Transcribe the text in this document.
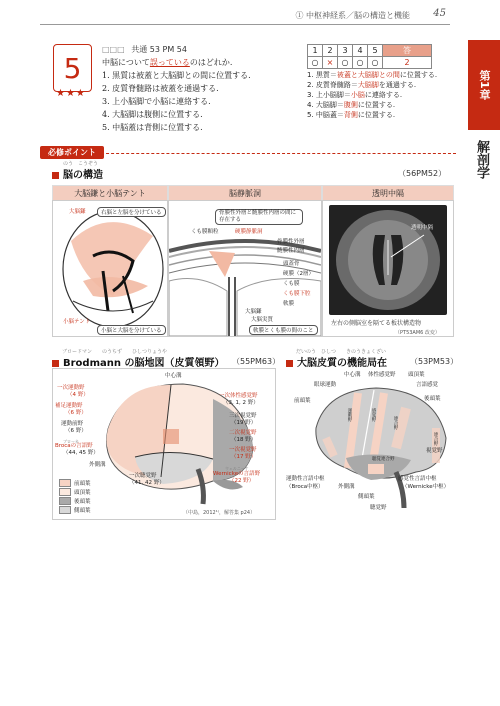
① 中枢神経系／脳の構造と機能 45
第1章
解剖学
5
★★★
□□□ 共通 53 PM 54
中脳について誤っているのはどれか.
1. 黒質は被蓋と大脳脚との間に位置する.
2. 皮質脊髄路は被蓋を通過する.
3. 上小脳脚で小脳に連絡する.
4. 大脳脚は腹側に位置する.
5. 中脳蓋は背側に位置する.
1	2	3	4	5	答
○	×	○	○	○	2
1. 黒質＝被蓋と大脳脚との間に位置する.
2. 皮質脊髄路＝大脳脚を通過する.
3. 上小脳脚＝小脳に連絡する.
4. 大脳脚＝腹側に位置する.
5. 中脳蓋＝背側に位置する.
必修ポイント
のう　こうぞう
脳の構造	（56PM52）
大脳鎌と小脳テント	脳静脈洞	透明中隔
大脳鎌	右脳と左脳を分けている
小脳テント
小脳と大脳を分けている
骨膜性外層と髄膜性内層の間に存在する
くも膜顆粒	硬膜静脈洞
骨膜性外層
髄膜性内層
頭蓋骨
硬膜（2層）
くも膜
くも膜下腔
軟膜
大脳鎌
大脳実質
軟膜とくも膜の間のこと
透明中隔
左右の側脳室を隔てる板状構造物
（PT53AM6 改変）
ブロードマン　　のうちず　　ひしつりょうや
Brodmann の脳地図（皮質領野） （55PM63）
中心溝
一次運動野
（4 野）
補足運動野
（6 野）
運動前野
（6 野）
ブローカ
Brocaの言語野
（44, 45 野）
外側溝
一次体性感覚野
（3, 1, 2 野）
三次視覚野
（19 野）
二次視覚野
（18 野）
一次視覚野
（17 野）
ウェルニッケ
Wernickeの言語野
（22 野）
一次聴覚野
（41, 42 野）
前頭葉
頭頂葉
後頭葉
側頭葉	（中島，2012¹⁾，解答集 p24）
だいのう　ひしつ　　きのうきょくざい
大脳皮質の機能局在	（53PM53）
中心溝 体性感覚野
眼球運動
前頭葉
頭頂葉
言語感覚
後頭葉
視覚野
運動性言語中枢
（Broca中枢）	外側溝
側頭葉
聴覚野
感覚性言語中枢
（Wernicke中枢）
運動野	感覚野
連合野
聴覚連合野
連合野
